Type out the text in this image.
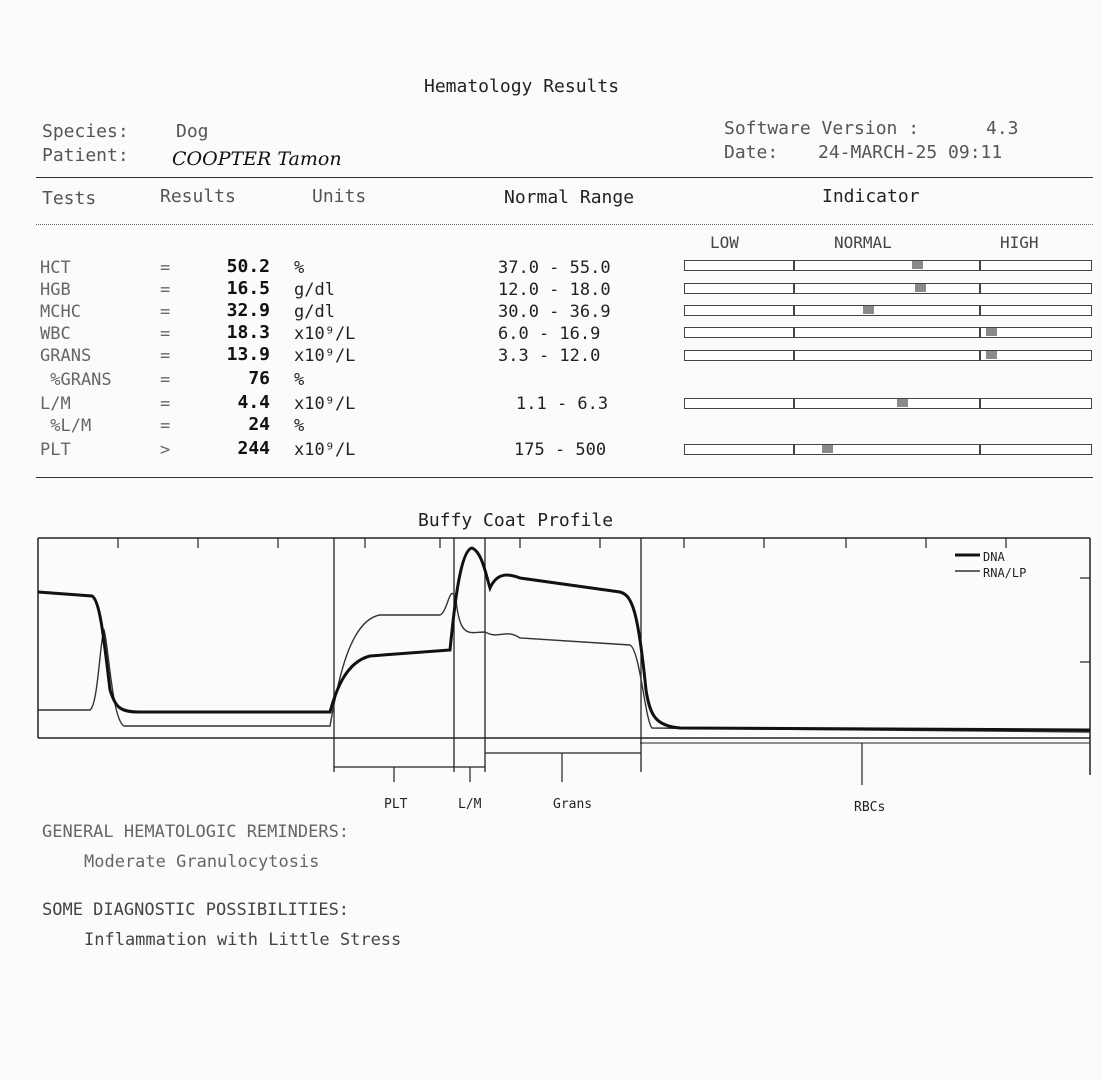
Hematology Results
Species:	Dog
Patient: COOPTER Tamon
Software Version :	4.3
Date: 24-MARCH-25 09:11
Tests	Results	Units	Normal Range	Indicator
LOW	NORMAL	HIGH
HCT	=	50.2 %	37.0 - 55.0
HGB	=	16.5 g/dl	12.0 - 18.0
MCHC	=	32.9 g/dl	30.0 - 36.9
WBC	=	18.3 x10⁹/L	6.0 - 16.9
GRANS	=	13.9 x10⁹/L	3.3 - 12.0
%GRANS	=	76 %
L/M	=	4.4 x10⁹/L	1.1 - 6.3
%L/M	=	24 %
PLT	>	244 x10⁹/L	175 - 500
Buffy Coat Profile
DNA
RNA/LP
PLT	L/M	Grans	RBCs
GENERAL HEMATOLOGIC REMINDERS:
Moderate Granulocytosis
SOME DIAGNOSTIC POSSIBILITIES:
Inflammation with Little Stress
